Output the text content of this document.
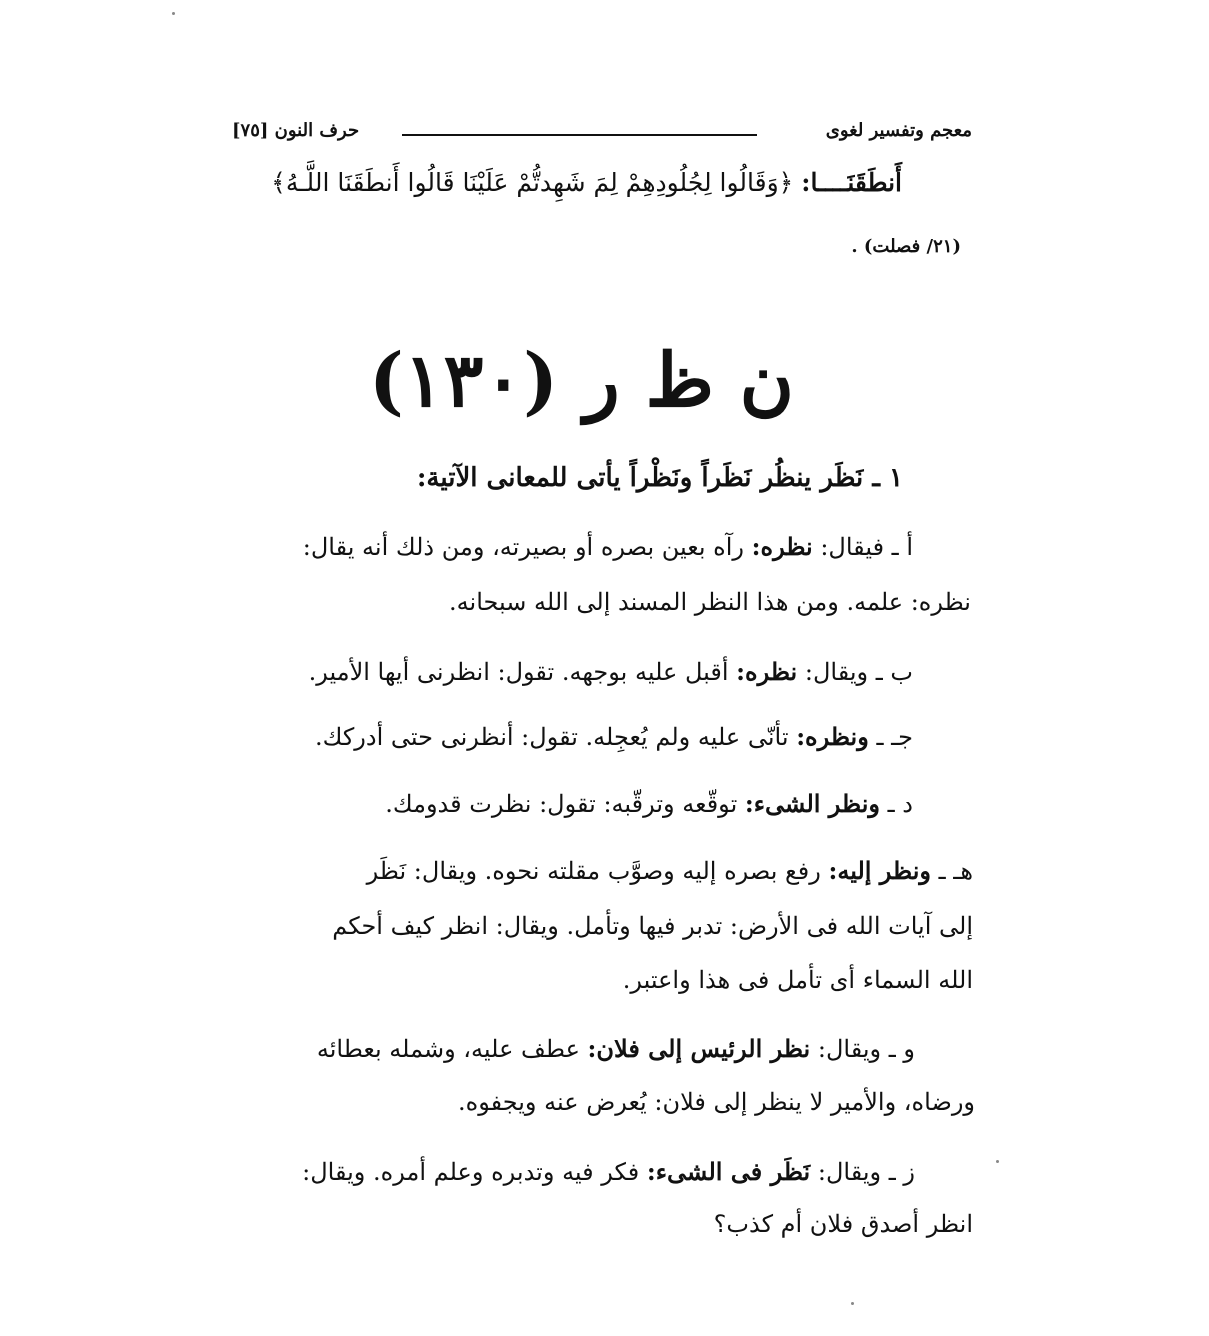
معجم وتفسير لغوى
حرف النون [٧٥]
أَنطَقَنَــــا: ﴿وَقَالُوا لِجُلُودِهِمْ لِمَ شَهِدتُّمْ عَلَيْنَا قَالُوا أَنطَقَنَا اللَّـهُ﴾
(٢١/ فصلت) .
ن ظ ر (١٣٠)
١ ـ نَظَر ينظُر نَظَراً ونَظْراً يأتى للمعانى الآتية:
أ ـ فيقال: نظره: رآه بعين بصره أو بصيرته، ومن ذلك أنه يقال:
نظره: علمه. ومن هذا النظر المسند إلى الله سبحانه.
ب ـ ويقال: نظره: أقبل عليه بوجهه. تقول: انظرنى أيها الأمير.
جـ ـ ونظره: تأنّى عليه ولم يُعجِله. تقول: أنظرنى حتى أدركك.
د ـ ونظر الشىء: توقّعه وترقّبه: تقول: نظرت قدومك.
هـ ـ ونظر إليه: رفع بصره إليه وصوَّب مقلته نحوه. ويقال: نَظَر
إلى آيات الله فى الأرض: تدبر فيها وتأمل. ويقال: انظر كيف أحكم
الله السماء أى تأمل فى هذا واعتبر.
و ـ ويقال: نظر الرئيس إلى فلان: عطف عليه، وشمله بعطائه
ورضاه، والأمير لا ينظر إلى فلان: يُعرض عنه ويجفوه.
ز ـ ويقال: نَظَر فى الشىء: فكر فيه وتدبره وعلم أمره. ويقال:
انظر أصدق فلان أم كذب؟
